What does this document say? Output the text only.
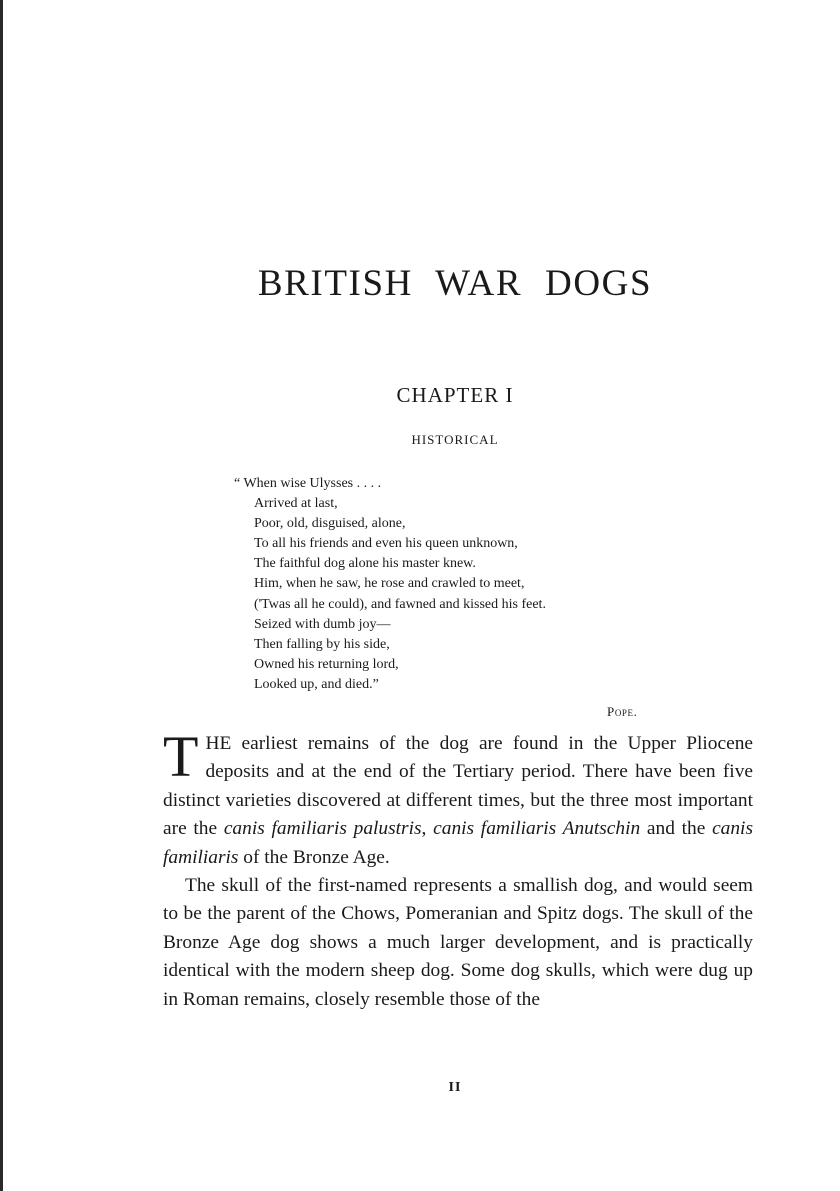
BRITISH WAR DOGS
CHAPTER I
HISTORICAL
“ When wise Ulysses . . . .
Arrived at last,
Poor, old, disguised, alone,
To all his friends and even his queen unknown,
The faithful dog alone his master knew.
Him, when he saw, he rose and crawled to meet,
('Twas all he could), and fawned and kissed his feet.
Seized with dumb joy—
Then falling by his side,
Owned his returning lord,
Looked up, and died.”
Pope.

THE earliest remains of the dog are found in the Upper Pliocene deposits and at the end of the Tertiary period. There have been five distinct varieties discovered at different times, but the three most important are the canis familiaris palustris, canis familiaris Anutschin and the canis familiaris of the Bronze Age.

The skull of the first-named represents a smallish dog, and would seem to be the parent of the Chows, Pomeranian and Spitz dogs. The skull of the Bronze Age dog shows a much larger development, and is practically identical with the modern sheep dog. Some dog skulls, which were dug up in Roman remains, closely resemble those of the

II
